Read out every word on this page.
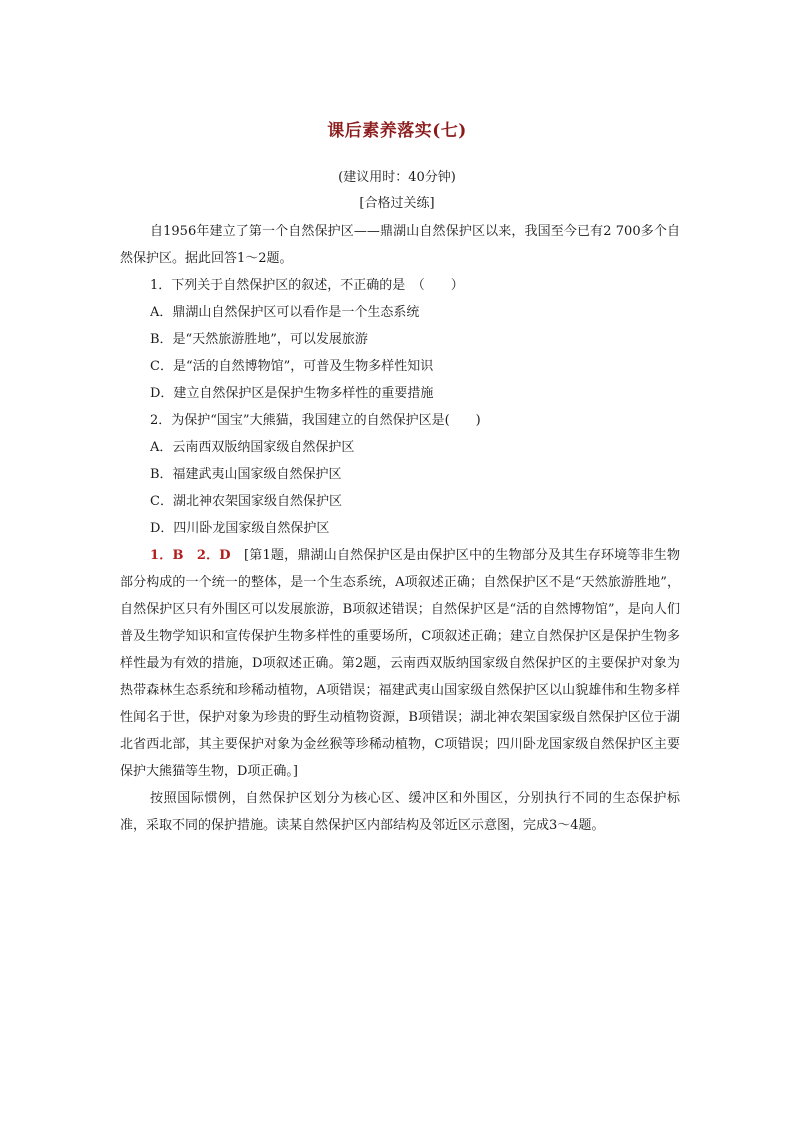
课后素养落实(七)
(建议用时：40分钟)
[合格过关练]

自1956年建立了第一个自然保护区——鼎湖山自然保护区以来，我国至今已有2 700多个自然保护区。据此回答1～2题。

1．下列关于自然保护区的叙述，不正确的是　（　　）

A．鼎湖山自然保护区可以看作是一个生态系统

B．是“天然旅游胜地”，可以发展旅游

C．是“活的自然博物馆”，可普及生物多样性知识

D．建立自然保护区是保护生物多样性的重要措施

2．为保护“国宝”大熊猫，我国建立的自然保护区是(　　)

A．云南西双版纳国家级自然保护区

B．福建武夷山国家级自然保护区

C．湖北神农架国家级自然保护区

D．四川卧龙国家级自然保护区

1．B　2．D　 [第1题，鼎湖山自然保护区是由保护区中的生物部分及其生存环境等非生物部分构成的一个统一的整体，是一个生态系统，A项叙述正确；自然保护区不是“天然旅游胜地”，自然保护区只有外围区可以发展旅游，B项叙述错误；自然保护区是“活的自然博物馆”，是向人们普及生物学知识和宣传保护生物多样性的重要场所，C项叙述正确；建立自然保护区是保护生物多样性最为有效的措施，D项叙述正确。第2题，云南西双版纳国家级自然保护区的主要保护对象为热带森林生态系统和珍稀动植物，A项错误；福建武夷山国家级自然保护区以山貌雄伟和生物多样性闻名于世，保护对象为珍贵的野生动植物资源，B项错误；湖北神农架国家级自然保护区位于湖北省西北部，其主要保护对象为金丝猴等珍稀动植物，C项错误；四川卧龙国家级自然保护区主要保护大熊猫等生物，D项正确。]

按照国际惯例，自然保护区划分为核心区、缓冲区和外围区，分别执行不同的生态保护标准，采取不同的保护措施。读某自然保护区内部结构及邻近区示意图，完成3～4题。
